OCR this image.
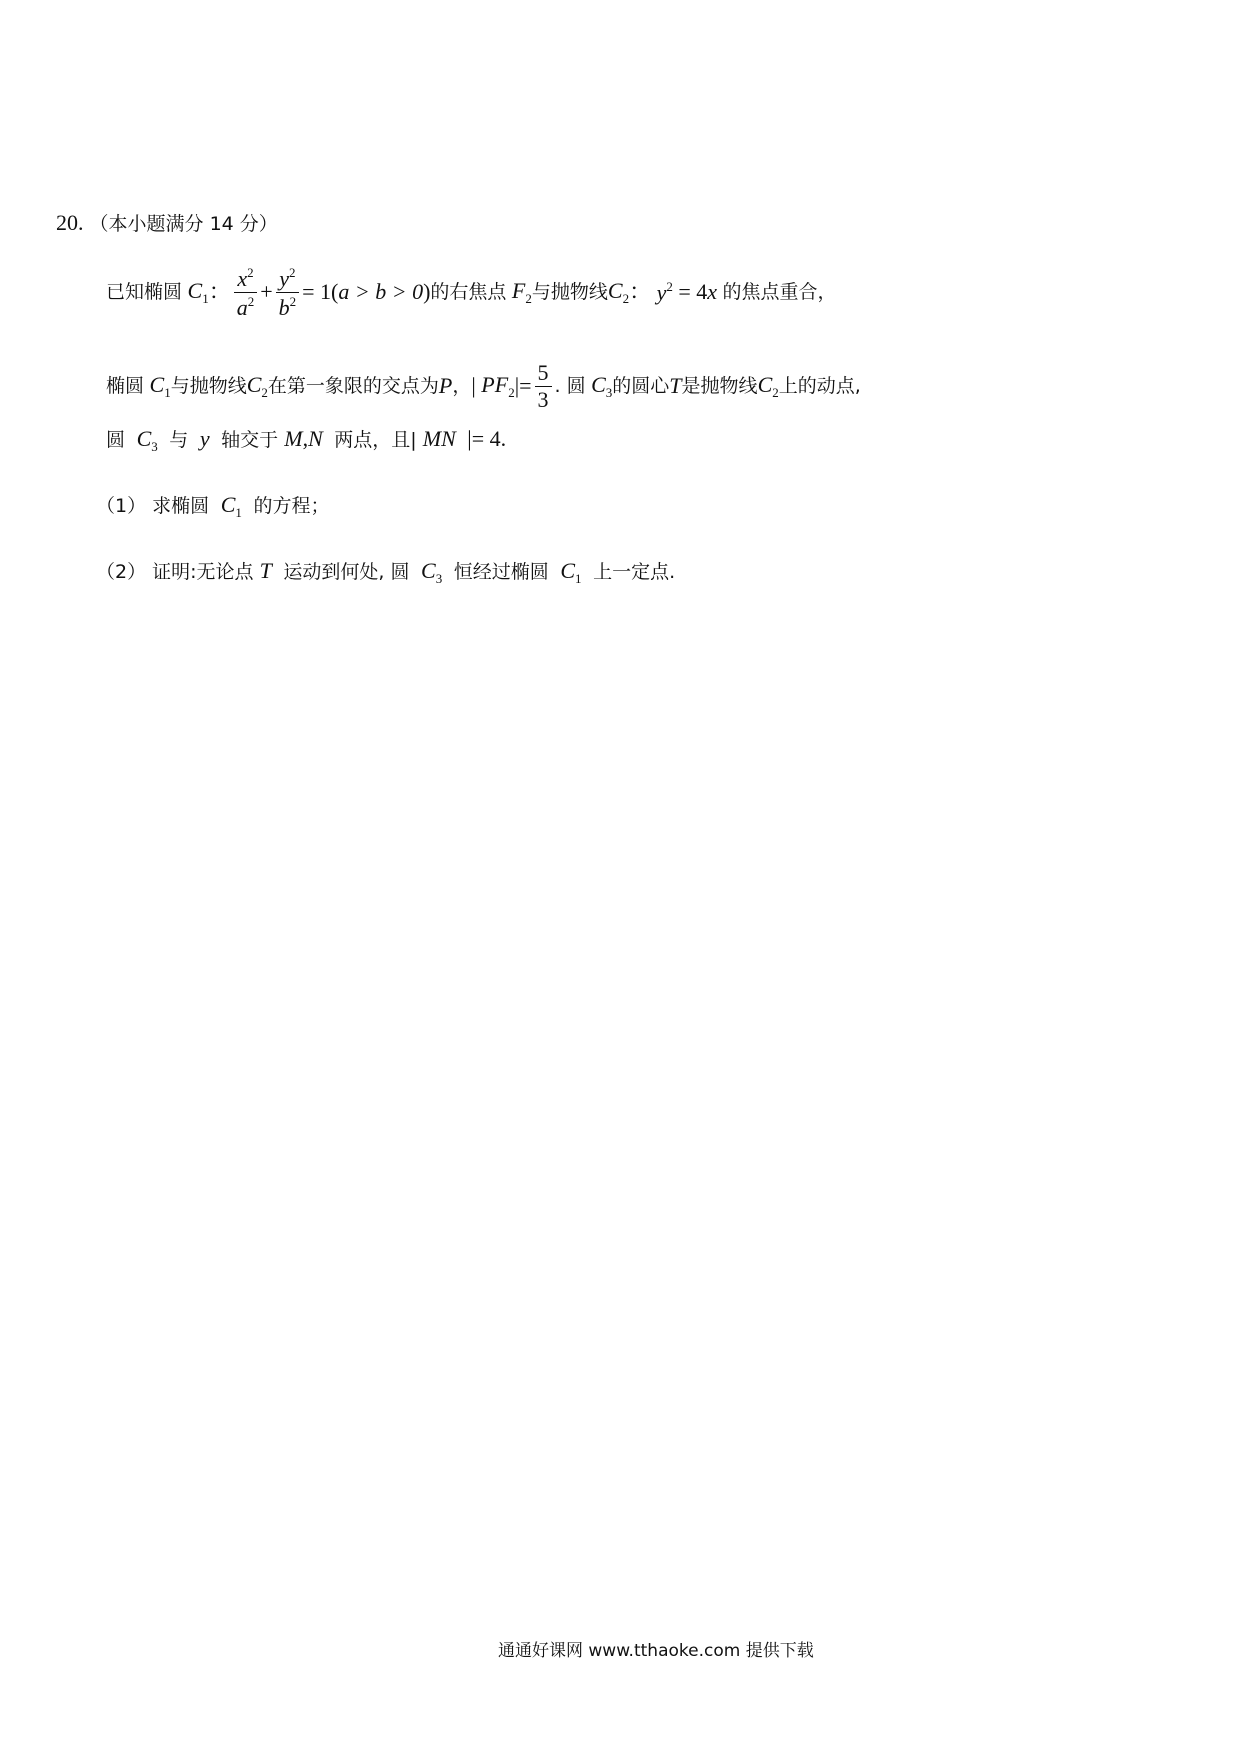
20. （本小题满分 14 分）
已知椭圆 $C_1$ ： $\frac{x^2}{a^2} + \frac{y^2}{b^2} = 1$( a > b > 0 ) 的右焦点 $F_2$ 与抛物线 $C_2$ ： $y^2 = 4$ x 的焦点重合，
椭圆 $C_1$ 与抛物线 $C_2$ 在第一象限的交点为 P ， | $PF_2$ |= $\frac{5}{3}$ . 圆 $C_3$ 的圆心 T 是抛物线 $C_2$ 上的动点,
圆  $C_3$ 与  y  轴交于 M,N  两点，且| MN  |= 4.
（1） 求椭圆  $C_1$ 的方程；
（2） 证明:无论点 T  运动到何处, 圆  $C_3$ 恒经过椭圆  $C_1$ 上一定点.
通通好课网 www.tthaoke.com 提供下载
